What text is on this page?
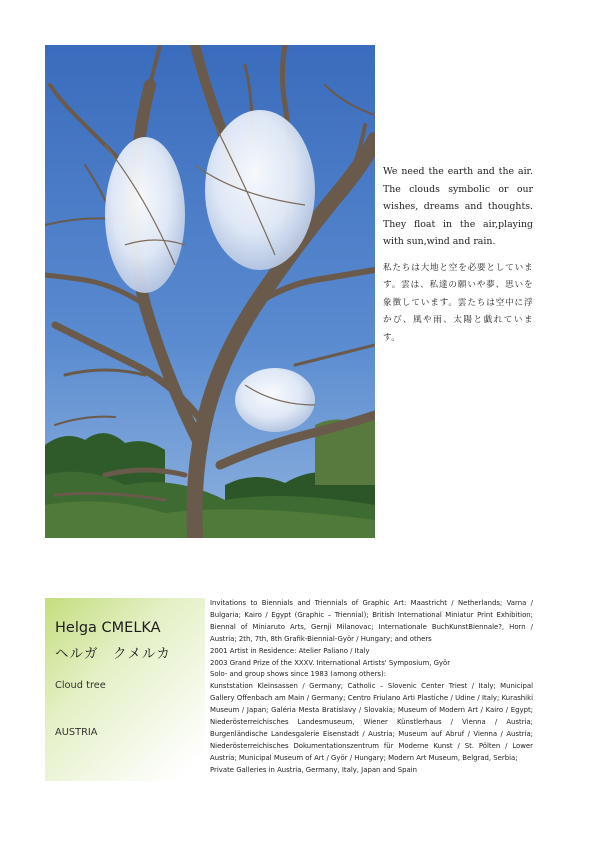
We need the earth and the air. The clouds symbolic or our wishes, dreams and thoughts. They float in the air,playing with sun,wind and rain.

私たちは大地と空を必要としています。雲は、私達の願いや夢、思いを象徴しています。雲たちは空中に浮かび、風や雨、太陽と戯れています。

Helga CMELKA

ヘルガ　クメルカ

Cloud tree

AUSTRIA

Invitations to Biennials and Triennials of Graphic Art: Maastricht / Netherlands; Varna / Bulgaria; Kairo / Egypt (Graphic – Triennial); British International Miniatur Print Exhibition; Biennal of Miniaruto Arts, Gernji Milanovac; Internationale BuchKunstBiennale?, Horn / Austria; 2th, 7th, 8th Grafik-Biennial-Györ / Hungary; and others

2001 Artist in Residence: Atelier Paliano / Italy

2003 Grand Prize of the XXXV. International Artists' Symposium, Györ

Solo- and group shows since 1983 (among others):

Kunststation Kleinsassen / Germany; Catholic – Slovenic Center Triest / Italy; Municipal Gallery Offenbach am Main / Germany; Centro Friulano Arti Plastiche / Udine / Italy; Kurashiki Museum / Japan; Galéria Mesta Bratislavy / Slovakia; Museum of Modern Art / Kairo / Egypt; Niederösterreichisches Landesmuseum, Wiener Künstlerhaus / Vienna / Austria; Burgenländische Landesgalerie Eisenstadt / Austria; Museum auf Abruf / Vienna / Austria; Niederösterreichisches Dokumentationszentrum für Moderne Kunst / St. Pölten / Lower Austria; Municipal Museum of Art / Györ / Hungary; Modern Art Museum, Belgrad, Serbia;

Private Galleries in Austria, Germany, Italy, Japan and Spain
